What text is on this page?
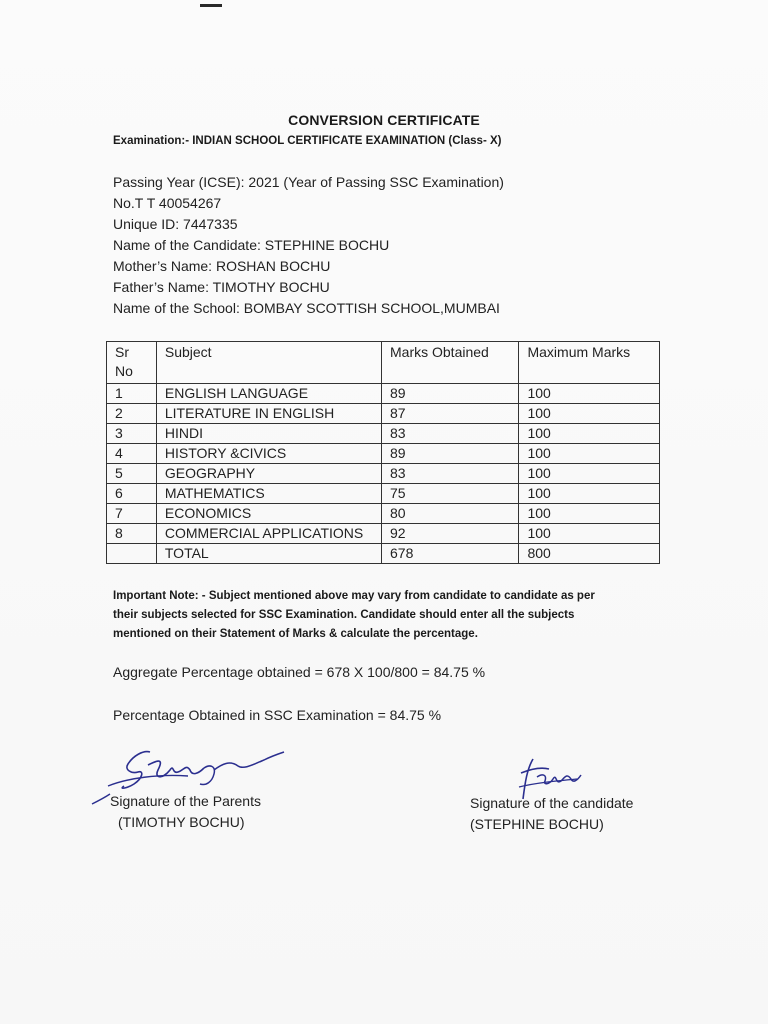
CONVERSION CERTIFICATE
Examination:- INDIAN SCHOOL CERTIFICATE EXAMINATION (Class- X)
Passing Year (ICSE): 2021 (Year of Passing SSC Examination)
No.T T 40054267
Unique ID: 7447335
Name of the Candidate: STEPHINE BOCHU
Mother’s Name: ROSHAN BOCHU
Father’s Name: TIMOTHY BOCHU
Name of the School: BOMBAY SCOTTISH SCHOOL,MUMBAI
Sr No	Subject	Marks Obtained	Maximum Marks
1	ENGLISH LANGUAGE	89	100
2	LITERATURE IN ENGLISH	87	100
3	HINDI	83	100
4	HISTORY &CIVICS	89	100
5	GEOGRAPHY	83	100
6	MATHEMATICS	75	100
7	ECONOMICS	80	100
8	COMMERCIAL APPLICATIONS	92	100
	TOTAL	678	800
Important Note: - Subject mentioned above may vary from candidate to candidate as per
their subjects selected for SSC Examination. Candidate should enter all the subjects
mentioned on their Statement of Marks & calculate the percentage.
Aggregate Percentage obtained = 678 X 100/800 = 84.75 %
Percentage Obtained in SSC Examination = 84.75 %
Signature of the Parents
(TIMOTHY BOCHU)
Signature of the candidate
(STEPHINE BOCHU)
